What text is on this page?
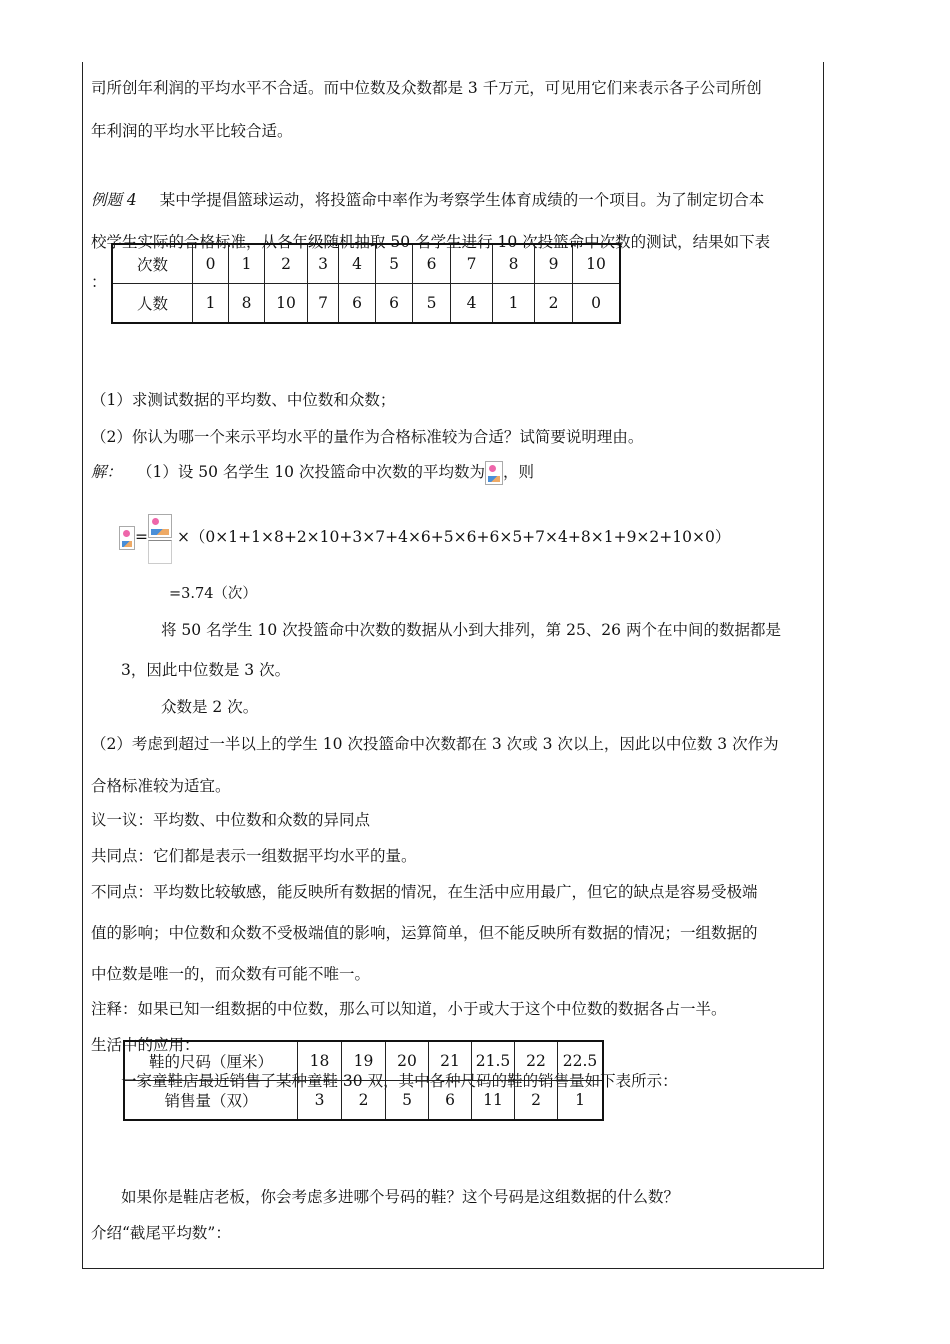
司所创年利润的平均水平不合适。而中位数及众数都是 3 千万元，可见用它们来表示各子公司所创
年利润的平均水平比较合适。
例题 4 某中学提倡篮球运动，将投篮命中率作为考察学生体育成绩的一个项目。为了制定切合本
校学生实际的合格标准，从各年级随机抽取 50 名学生进行 10 次投篮命中次数的测试，结果如下表
：
次数	0	1	2	3	4	5	6	7	8	9	10
人数	1	8	10	7	6	6	5	4	1	2	0
（1）求测试数据的平均数、中位数和众数；
（2）你认为哪一个来示平均水平的量作为合格标准较为合适？试简要说明理由。
解： （1）设 50 名学生 10 次投篮命中次数的平均数为 ，则
= ×（0×1+1×8+2×10+3×7+4×6+5×6+6×5+7×4+8×1+9×2+10×0）
=3.74（次）
将 50 名学生 10 次投篮命中次数的数据从小到大排列，第 25、26 两个在中间的数据都是
3，因此中位数是 3 次。
众数是 2 次。
（2）考虑到超过一半以上的学生 10 次投篮命中次数都在 3 次或 3 次以上，因此以中位数 3 次作为
合格标准较为适宜。
议一议：平均数、中位数和众数的异同点
共同点：它们都是表示一组数据平均水平的量。
不同点：平均数比较敏感，能反映所有数据的情况，在生活中应用最广，但它的缺点是容易受极端
值的影响；中位数和众数不受极端值的影响，运算简单，但不能反映所有数据的情况；一组数据的
中位数是唯一的，而众数有可能不唯一。
注释：如果已知一组数据的中位数，那么可以知道，小于或大于这个中位数的数据各占一半。
生活中的应用：
一家童鞋店最近销售了某种童鞋 30 双，其中各种尺码的鞋的销售量如下表所示：
鞋的尺码（厘米）	18	19	20	21	21.5	22	22.5
销售量（双）	3	2	5	6	11	2	1
如果你是鞋店老板，你会考虑多进哪个号码的鞋？这个号码是这组数据的什么数？
介绍“截尾平均数”：
